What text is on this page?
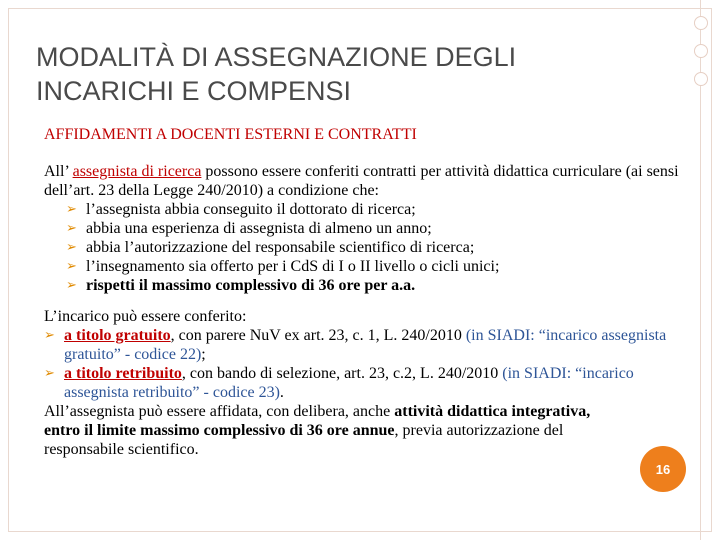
MODALITÀ DI ASSEGNAZIONE DEGLI
INCARICHI E COMPENSI
AFFIDAMENTI A DOCENTI ESTERNI E CONTRATTI

All’ assegnista di ricerca possono essere conferiti contratti per attività didattica curriculare (ai sensi dell’art. 23 della Legge 240/2010) a condizione che:

➢ l’assegnista abbia conseguito il dottorato di ricerca;
➢ abbia una esperienza di assegnista di almeno un anno;
➢ abbia l’autorizzazione del responsabile scientifico di ricerca;
➢ l’insegnamento sia offerto per i CdS di I o II livello o cicli unici;
➢ rispetti il massimo complessivo di 36 ore per a.a.

L’incarico può essere conferito:

➢ a titolo gratuito, con parere NuV ex art. 23, c. 1, L. 240/2010 (in SIADI: “incarico assegnista gratuito” - codice 22);
➢ a titolo retribuito, con bando di selezione, art. 23, c.2, L. 240/2010 (in SIADI: “incarico assegnista retribuito” - codice 23).

All’assegnista può essere affidata, con delibera, anche attività didattica integrativa, entro il limite massimo complessivo di 36 ore annue, previa autorizzazione del responsabile scientifico.

16
